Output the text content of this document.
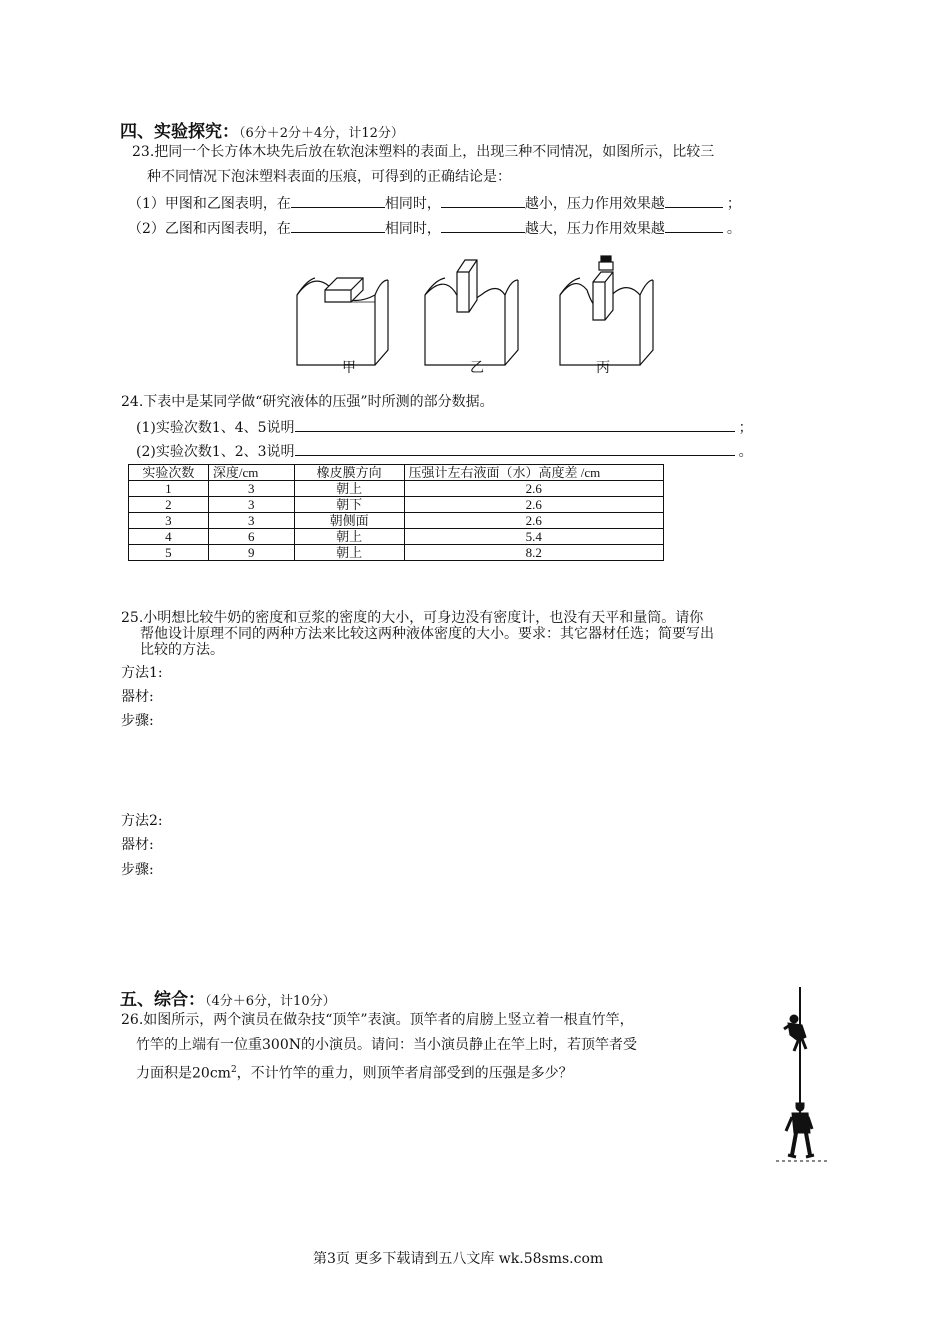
四、实验探究：（6分＋2分＋4分，计12分）
23.把同一个长方体木块先后放在软泡沫塑料的表面上，出现三种不同情况，如图所示，比较三
种不同情况下泡沫塑料表面的压痕，可得到的正确结论是：
（1）甲图和乙图表明，在	相同时，	越小，压力作用效果越	；
（2）乙图和丙图表明，在	相同时，	越大，压力作用效果越	。
甲	乙	丙
24.下表中是某同学做“研究液体的压强”时所测的部分数据。
(1)实验次数1、4、5说明	；
(2)实验次数1、2、3说明	。
实验次数	深度/cm	橡皮膜方向	压强计左右液面（水）高度差 /cm
1	3	朝上	2.6
2	3	朝下	2.6
3	3	朝侧面	2.6
4	6	朝上	5.4
5	9	朝上	8.2
25.小明想比较牛奶的密度和豆浆的密度的大小，可身边没有密度计，也没有天平和量筒。请你
帮他设计原理不同的两种方法来比较这两种液体密度的大小。要求：其它器材任选；简要写出
比较的方法。
方法1:
器材:
步骤:
方法2:
器材:
步骤:
五、综合：（4分＋6分，计10分）
26.如图所示，两个演员在做杂技“顶竿”表演。顶竿者的肩膀上竖立着一根直竹竿，
竹竿的上端有一位重300N的小演员。请问：当小演员静止在竿上时，若顶竿者受
力面积是$20cm^2$，不计竹竿的重力，则顶竿者肩部受到的压强是多少？
第3页 更多下载请到五八文库 wk.58sms.com
